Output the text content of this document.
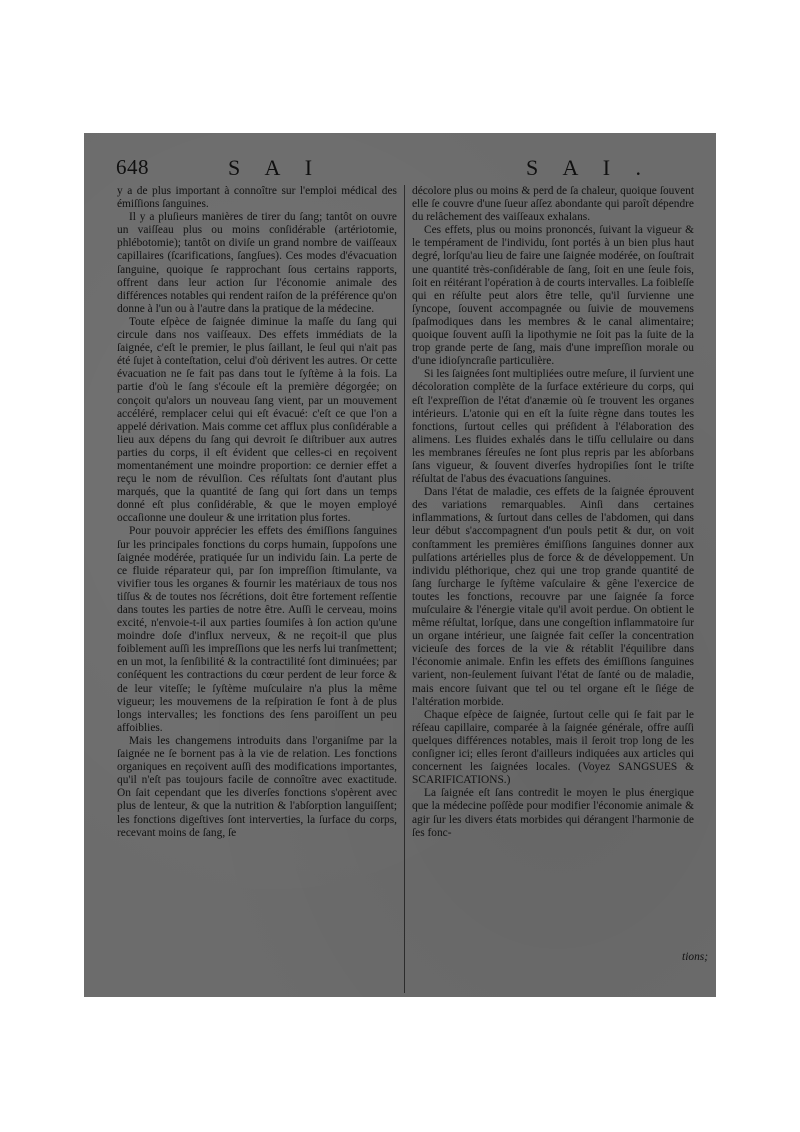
648	S A I	S A I .

y a de plus important à connoître sur l'emploi médical des émiſſions ſanguines.

Il y a pluſieurs manières de tirer du ſang; tantôt on ouvre un vaiſſeau plus ou moins conſidérable (artériotomie, phlébotomie); tantôt on diviſe un grand nombre de vaiſſeaux capillaires (ſcarifications, ſangſues). Ces modes d'évacuation ſanguine, quoique ſe rapprochant ſous certains rapports, offrent dans leur action ſur l'économie animale des différences notables qui rendent raiſon de la préférence qu'on donne à l'un ou à l'autre dans la pratique de la médecine.

Toute eſpèce de ſaignée diminue la maſſe du ſang qui circule dans nos vaiſſeaux. Des effets immédiats de la ſaignée, c'eſt le premier, le plus ſaillant, le ſeul qui n'ait pas été ſujet à conteſtation, celui d'où dérivent les autres. Or cette évacuation ne ſe fait pas dans tout le ſyſtème à la fois. La partie d'où le ſang s'écoule eſt la première dégorgée; on conçoit qu'alors un nouveau ſang vient, par un mouvement accéléré, remplacer celui qui eſt évacué: c'eſt ce que l'on a appelé dérivation. Mais comme cet afflux plus conſidérable a lieu aux dépens du ſang qui devroit ſe diſtribuer aux autres parties du corps, il eſt évident que celles-ci en reçoivent momentanément une moindre proportion: ce dernier effet a reçu le nom de révulſion. Ces réſultats ſont d'autant plus marqués, que la quantité de ſang qui ſort dans un temps donné eſt plus conſidérable, & que le moyen employé occaſionne une douleur & une irritation plus fortes.

Pour pouvoir apprécier les effets des émiſſions ſanguines ſur les principales fonctions du corps humain, ſuppoſons une ſaignée modérée, pratiquée ſur un individu ſain. La perte de ce fluide réparateur qui, par ſon impreſſion ſtimulante, va vivifier tous les organes & fournir les matériaux de tous nos tiſſus & de toutes nos ſécrétions, doit être fortement reſſentie dans toutes les parties de notre être. Auſſi le cerveau, moins excité, n'envoie-t-il aux parties ſoumiſes à ſon action qu'une moindre doſe d'influx nerveux, & ne reçoit-il que plus foiblement auſſi les impreſſions que les nerfs lui tranſmettent; en un mot, la ſenſibilité & la contractilité ſont diminuées; par conſéquent les contractions du cœur perdent de leur force & de leur viteſſe; le ſyſtème muſculaire n'a plus la même vigueur; les mouvemens de la reſpiration ſe font à de plus longs intervalles; les fonctions des ſens paroiſſent un peu affoiblies.

Mais les changemens introduits dans l'organiſme par la ſaignée ne ſe bornent pas à la vie de relation. Les fonctions organiques en reçoivent auſſi des modifications importantes, qu'il n'eſt pas toujours facile de connoître avec exactitude. On ſait cependant que les diverſes fonctions s'opèrent avec plus de lenteur, & que la nutrition & l'abſorption languiſſent; les fonctions digeſtives ſont interverties, la ſurface du corps, recevant moins de ſang, ſe

décolore plus ou moins & perd de ſa chaleur, quoique ſouvent elle ſe couvre d'une ſueur aſſez abondante qui paroît dépendre du relâchement des vaiſſeaux exhalans.

Ces effets, plus ou moins prononcés, ſuivant la vigueur & le tempérament de l'individu, ſont portés à un bien plus haut degré, lorſqu'au lieu de faire une ſaignée modérée, on ſouſtrait une quantité très-conſidérable de ſang, ſoit en une ſeule fois, ſoit en réitérant l'opération à de courts intervalles. La foibleſſe qui en réſulte peut alors être telle, qu'il ſurvienne une ſyncope, ſouvent accompagnée ou ſuivie de mouvemens ſpaſmodiques dans les membres & le canal alimentaire; quoique ſouvent auſſi la lipothymie ne ſoit pas la ſuite de la trop grande perte de ſang, mais d'une impreſſion morale ou d'une idioſyncraſie particulière.

Si les ſaignées ſont multipliées outre meſure, il ſurvient une décoloration complète de la ſurface extérieure du corps, qui eſt l'expreſſion de l'état d'anæmie où ſe trouvent les organes intérieurs. L'atonie qui en eſt la ſuite règne dans toutes les fonctions, ſurtout celles qui préſident à l'élaboration des alimens. Les fluides exhalés dans le tiſſu cellulaire ou dans les membranes ſéreuſes ne ſont plus repris par les abſorbans ſans vigueur, & ſouvent diverſes hydropiſies ſont le triſte réſultat de l'abus des évacuations ſanguines.

Dans l'état de maladie, ces effets de la ſaignée éprouvent des variations remarquables. Ainſi dans certaines inflammations, & ſurtout dans celles de l'abdomen, qui dans leur début s'accompagnent d'un pouls petit & dur, on voit conſtamment les premières émiſſions ſanguines donner aux pulſations artérielles plus de force & de développement. Un individu pléthorique, chez qui une trop grande quantité de ſang ſurcharge le ſyſtème vaſculaire & gêne l'exercice de toutes les fonctions, recouvre par une ſaignée ſa force muſculaire & l'énergie vitale qu'il avoit perdue. On obtient le même réſultat, lorſque, dans une congeſtion inflammatoire ſur un organe intérieur, une ſaignée fait ceſſer la concentration vicieuſe des forces de la vie & rétablit l'équilibre dans l'économie animale. Enfin les effets des émiſſions ſanguines varient, non-ſeulement ſuivant l'état de ſanté ou de maladie, mais encore ſuivant que tel ou tel organe eſt le ſiége de l'altération morbide.

Chaque eſpèce de ſaignée, ſurtout celle qui ſe fait par le réſeau capillaire, comparée à la ſaignée générale, offre auſſi quelques différences notables, mais il ſeroit trop long de les conſigner ici; elles ſeront d'ailleurs indiquées aux articles qui concernent les ſaignées locales. (Voyez SANGSUES & SCARIFICATIONS.)

La ſaignée eſt ſans contredit le moyen le plus énergique que la médecine poſſède pour modifier l'économie animale & agir ſur les divers états morbides qui dérangent l'harmonie de ſes fonc-

tions;
